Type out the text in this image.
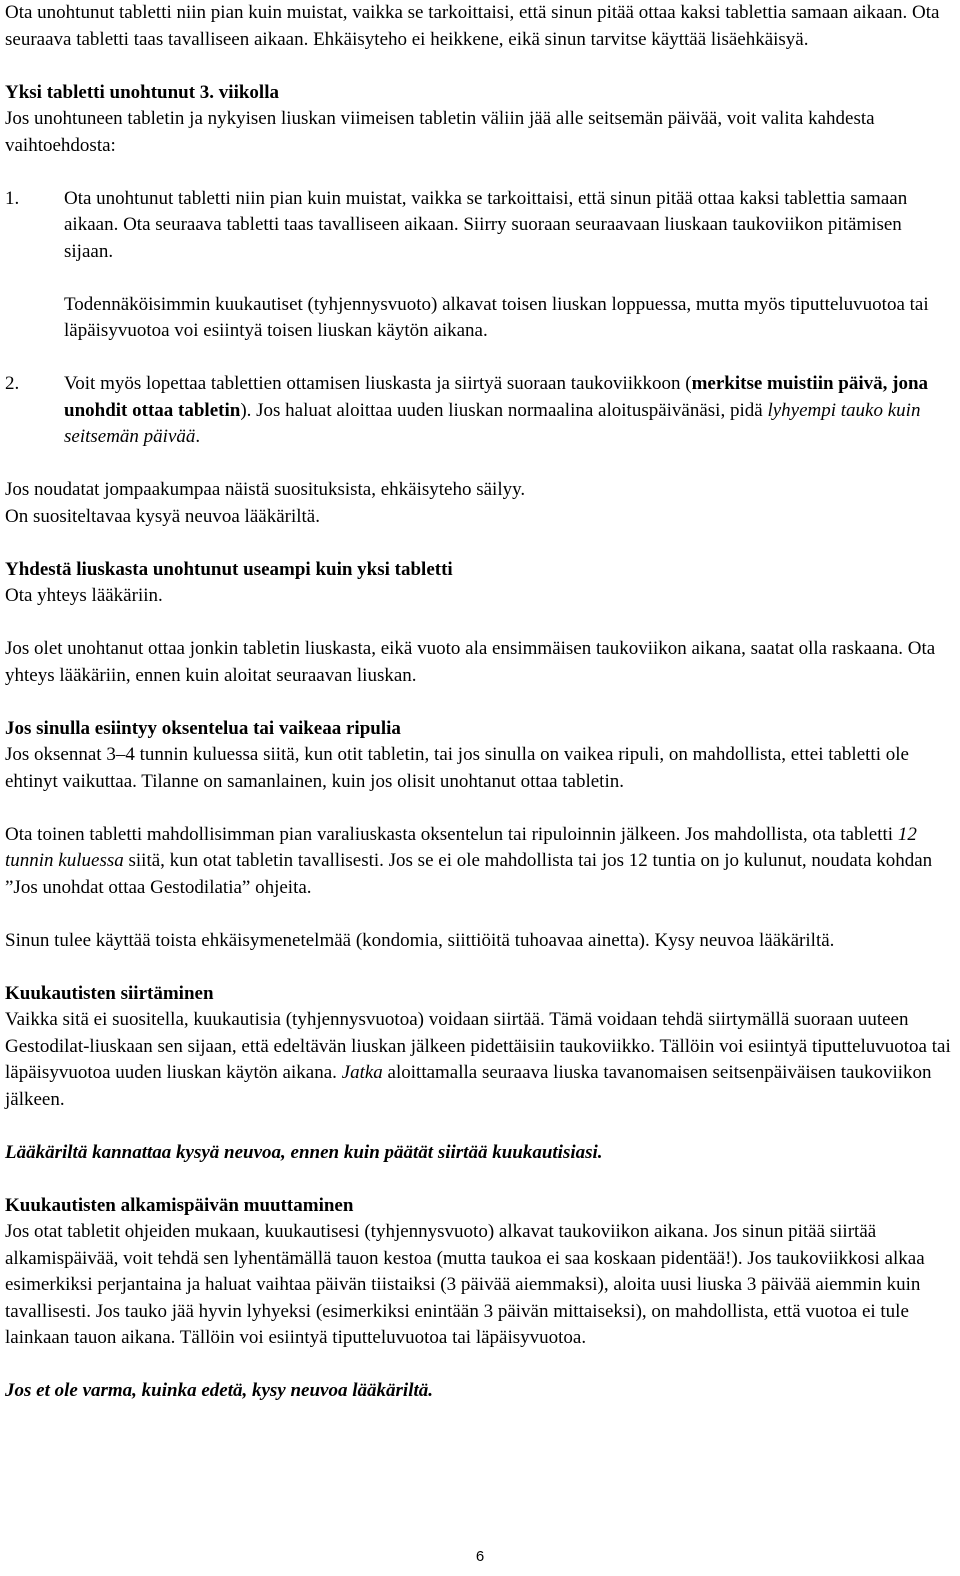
Ota unohtunut tabletti niin pian kuin muistat, vaikka se tarkoittaisi, että sinun pitää ottaa kaksi tablettia samaan aikaan. Ota seuraava tabletti taas tavalliseen aikaan. Ehkäisyteho ei heikkene, eikä sinun tarvitse käyttää lisäehkäisyä.

Yksi tabletti unohtunut 3. viikolla

Jos unohtuneen tabletin ja nykyisen liuskan viimeisen tabletin väliin jää alle seitsemän päivää, voit valita kahdesta vaihtoehdosta:

1.	Ota unohtunut tabletti niin pian kuin muistat, vaikka se tarkoittaisi, että sinun pitää ottaa kaksi tablettia samaan aikaan. Ota seuraava tabletti taas tavalliseen aikaan. Siirry suoraan seuraavaan liuskaan taukoviikon pitämisen sijaan.

Todennäköisimmin kuukautiset (tyhjennysvuoto) alkavat toisen liuskan loppuessa, mutta myös tiputteluvuotoa tai läpäisyvuotoa voi esiintyä toisen liuskan käytön aikana.

2.	Voit myös lopettaa tablettien ottamisen liuskasta ja siirtyä suoraan taukoviikkoon (merkitse muistiin päivä, jona unohdit ottaa tabletin). Jos haluat aloittaa uuden liuskan normaalina aloituspäivänäsi, pidä lyhyempi tauko kuin seitsemän päivää.

Jos noudatat jompaakumpaa näistä suosituksista, ehkäisyteho säilyy.

On suositeltavaa kysyä neuvoa lääkäriltä.

Yhdestä liuskasta unohtunut useampi kuin yksi tabletti

Ota yhteys lääkäriin.

Jos olet unohtanut ottaa jonkin tabletin liuskasta, eikä vuoto ala ensimmäisen taukoviikon aikana, saatat olla raskaana. Ota yhteys lääkäriin, ennen kuin aloitat seuraavan liuskan.

Jos sinulla esiintyy oksentelua tai vaikeaa ripulia

Jos oksennat 3–4 tunnin kuluessa siitä, kun otit tabletin, tai jos sinulla on vaikea ripuli, on mahdollista, ettei tabletti ole ehtinyt vaikuttaa. Tilanne on samanlainen, kuin jos olisit unohtanut ottaa tabletin.

Ota toinen tabletti mahdollisimman pian varaliuskasta oksentelun tai ripuloinnin jälkeen. Jos mahdollista, ota tabletti 12 tunnin kuluessa siitä, kun otat tabletin tavallisesti. Jos se ei ole mahdollista tai jos 12 tuntia on jo kulunut, noudata kohdan ”Jos unohdat ottaa Gestodilatia” ohjeita.

Sinun tulee käyttää toista ehkäisymenetelmää (kondomia, siittiöitä tuhoavaa ainetta). Kysy neuvoa lääkäriltä.

Kuukautisten siirtäminen

Vaikka sitä ei suositella, kuukautisia (tyhjennysvuotoa) voidaan siirtää. Tämä voidaan tehdä siirtymällä suoraan uuteen Gestodilat-liuskaan sen sijaan, että edeltävän liuskan jälkeen pidettäisiin taukoviikko. Tällöin voi esiintyä tiputteluvuotoa tai läpäisyvuotoa uuden liuskan käytön aikana. Jatka aloittamalla seuraava liuska tavanomaisen seitsenpäiväisen taukoviikon jälkeen.

Lääkäriltä kannattaa kysyä neuvoa, ennen kuin päätät siirtää kuukautisiasi.

Kuukautisten alkamispäivän muuttaminen

Jos otat tabletit ohjeiden mukaan, kuukautisesi (tyhjennysvuoto) alkavat taukoviikon aikana. Jos sinun pitää siirtää alkamispäivää, voit tehdä sen lyhentämällä tauon kestoa (mutta taukoa ei saa koskaan pidentää!). Jos taukoviikkosi alkaa esimerkiksi perjantaina ja haluat vaihtaa päivän tiistaiksi (3 päivää aiemmaksi), aloita uusi liuska 3 päivää aiemmin kuin tavallisesti. Jos tauko jää hyvin lyhyeksi (esimerkiksi enintään 3 päivän mittaiseksi), on mahdollista, että vuotoa ei tule lainkaan tauon aikana. Tällöin voi esiintyä tiputteluvuotoa tai läpäisyvuotoa.

Jos et ole varma, kuinka edetä, kysy neuvoa lääkäriltä.

6
